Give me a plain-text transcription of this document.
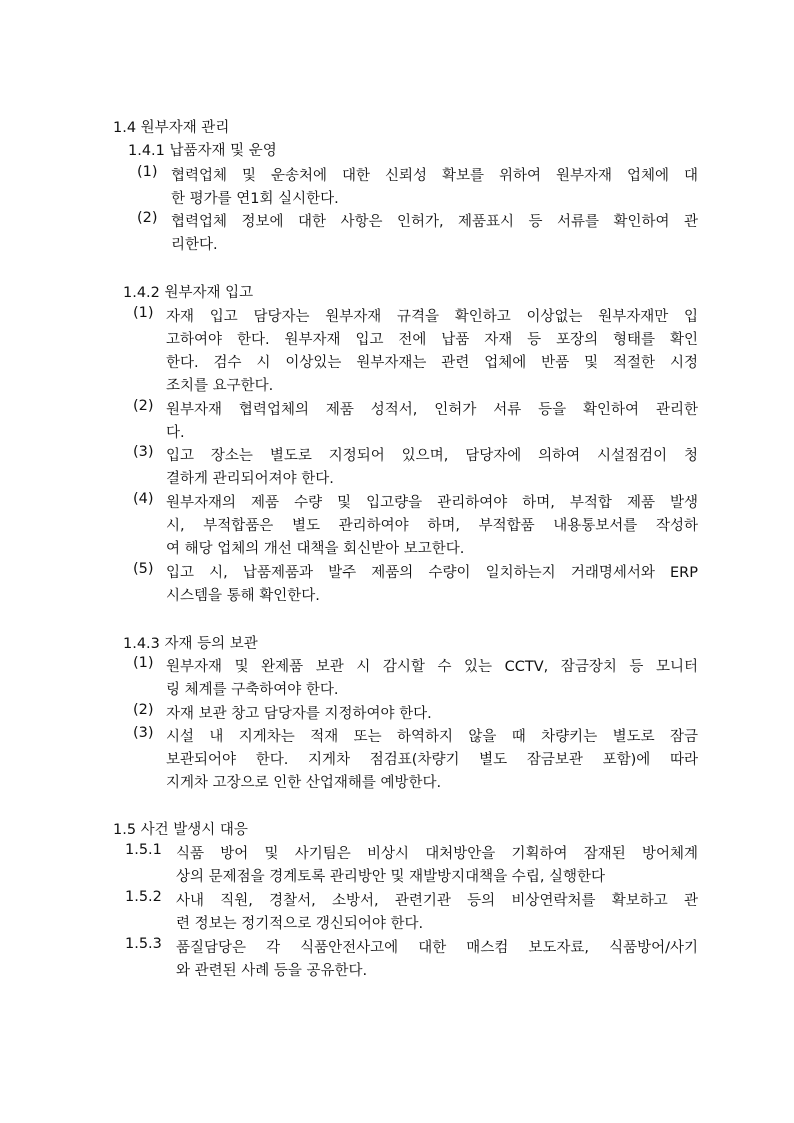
1.4 원부자재 관리
1.4.1 납품자재 및 운영
(1) 협력업체 및 운송처에 대한 신뢰성 확보를 위하여 원부자재 업체에 대
한 평가를 연1회 실시한다.
(2) 협력업체 정보에 대한 사항은 인허가, 제품표시 등 서류를 확인하여 관
리한다.
1.4.2 원부자재 입고
(1) 자재 입고 담당자는 원부자재 규격을 확인하고 이상없는 원부자재만 입
고하여야 한다. 원부자재 입고 전에 납품 자재 등 포장의 형태를 확인
한다. 검수 시 이상있는 원부자재는 관련 업체에 반품 및 적절한 시정
조치를 요구한다.
(2) 원부자재 협력업체의 제품 성적서, 인허가 서류 등을 확인하여 관리한
다.
(3) 입고 장소는 별도로 지정되어 있으며, 담당자에 의하여 시설점검이 청
결하게 관리되어져야 한다.
(4) 원부자재의 제품 수량 및 입고량을 관리하여야 하며, 부적합 제품 발생
시, 부적합품은 별도 관리하여야 하며, 부적합품 내용통보서를 작성하
여 해당 업체의 개선 대책을 회신받아 보고한다.
(5) 입고 시, 납품제품과 발주 제품의 수량이 일치하는지 거래명세서와 ERP
시스템을 통해 확인한다.
1.4.3 자재 등의 보관
(1) 원부자재 및 완제품 보관 시 감시할 수 있는 CCTV, 잠금장치 등 모니터
링 체계를 구축하여야 한다.
(2) 자재 보관 창고 담당자를 지정하여야 한다.
(3) 시설 내 지게차는 적재 또는 하역하지 않을 때 차량키는 별도로 잠금
보관되어야 한다. 지게차 점검표(차량기 별도 잠금보관 포함)에 따라
지게차 고장으로 인한 산업재해를 예방한다.
1.5 사건 발생시 대응
1.5.1 식품 방어 및 사기팀은 비상시 대처방안을 기획하여 잠재된 방어체계
상의 문제점을 경계토록 관리방안 및 재발방지대책을 수립, 실행한다
1.5.2 사내 직원, 경찰서, 소방서, 관련기관 등의 비상연락처를 확보하고 관
련 정보는 정기적으로 갱신되어야 한다.
1.5.3 품질담당은 각 식품안전사고에 대한 매스컴 보도자료, 식품방어/사기
와 관련된 사례 등을 공유한다.
